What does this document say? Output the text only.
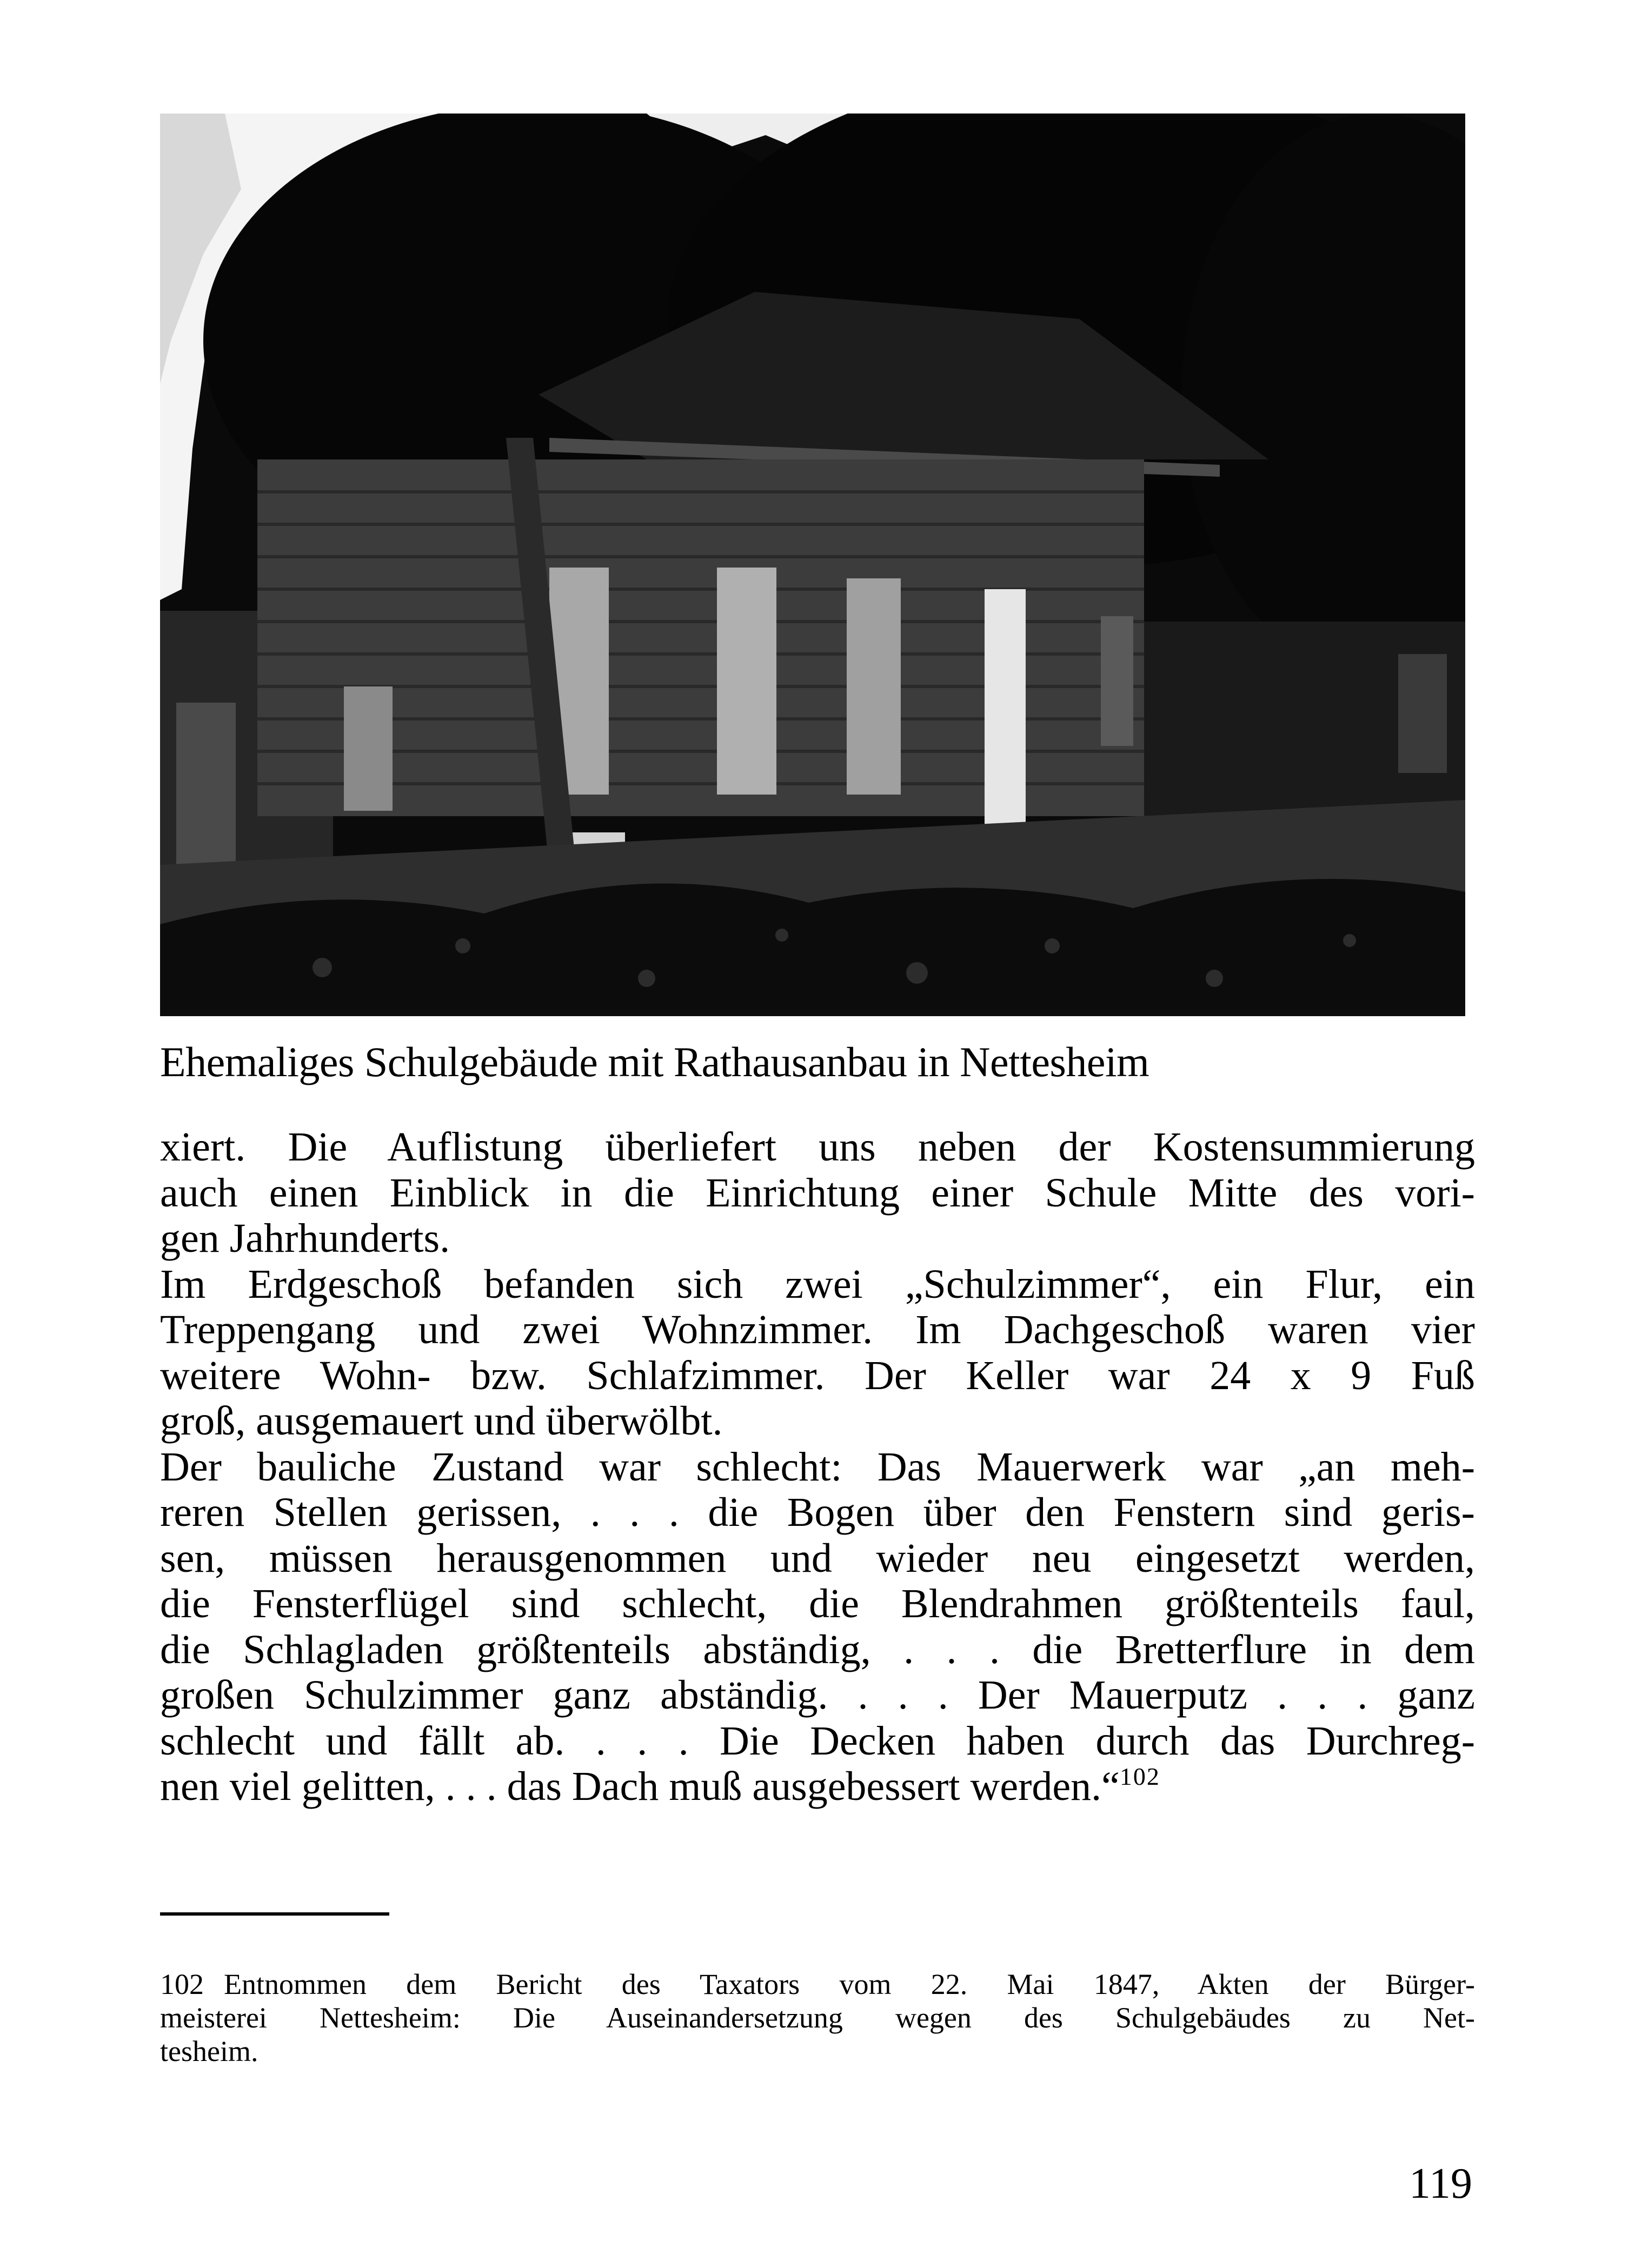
Ehemaliges Schulgebäude mit Rathausanbau in Nettesheim
xiert. Die Auflistung überliefert uns neben der Kostensummierung
auch einen Einblick in die Einrichtung einer Schule Mitte des vori-
gen Jahrhunderts.
Im Erdgeschoß befanden sich zwei „Schulzimmer“, ein Flur, ein
Treppengang und zwei Wohnzimmer. Im Dachgeschoß waren vier
weitere Wohn- bzw. Schlafzimmer. Der Keller war 24 x 9 Fuß
groß, ausgemauert und überwölbt.
Der bauliche Zustand war schlecht: Das Mauerwerk war „an meh-
reren Stellen gerissen, . . . die Bogen über den Fenstern sind geris-
sen, müssen herausgenommen und wieder neu eingesetzt werden,
die Fensterflügel sind schlecht, die Blendrahmen größtenteils faul,
die Schlagladen größtenteils abständig, . . . die Bretterflure in dem
großen Schulzimmer ganz abständig. . . . Der Mauerputz . . . ganz
schlecht und fällt ab. . . . Die Decken haben durch das Durchreg-
nen viel gelitten, . . . das Dach muß ausgebessert werden.“$^{102}$
102 Entnommen dem Bericht des Taxators vom 22. Mai 1847, Akten der Bürger-
meisterei Nettesheim: Die Auseinandersetzung wegen des Schulgebäudes zu Net-
tesheim.
119
